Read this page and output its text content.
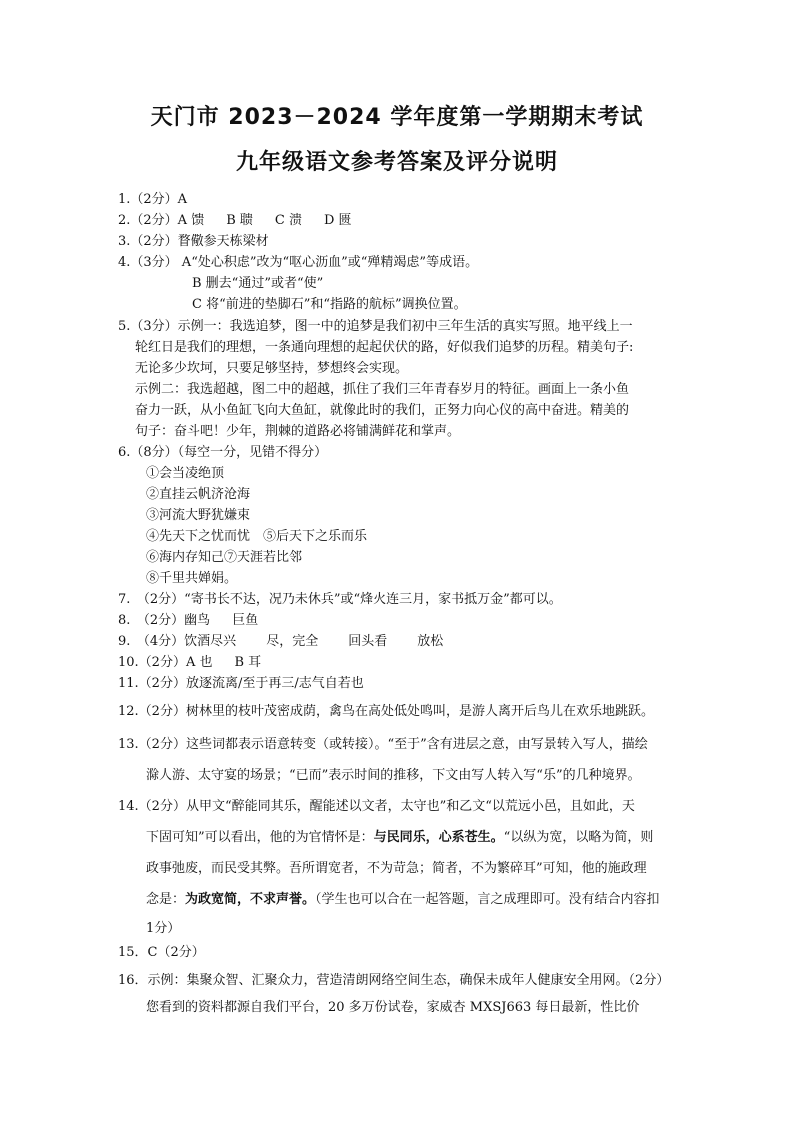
天门市 2023－2024 学年度第一学期期末考试
九年级语文参考答案及评分说明
1.（2分）A
2.（2分）A 馈 B 聩 C 溃 D 匮
3.（2分）瞀儆参天栋梁材
4.（3分） A“处心积虑”改为“呕心沥血”或“殚精竭虑”等成语。
B 删去“通过”或者“使”
C 将“前进的垫脚石”和“指路的航标”调换位置。
5.（3分）示例一：我选追梦，图一中的追梦是我们初中三年生活的真实写照。地平线上一
轮红日是我们的理想，一条通向理想的起起伏伏的路，好似我们追梦的历程。精美句子:
无论多少坎坷，只要足够坚持，梦想终会实现。
示例二：我选超越，图二中的超越，抓住了我们三年青春岁月的特征。画面上一条小鱼
奋力一跃，从小鱼缸飞向大鱼缸，就像此时的我们，正努力向心仪的高中奋进。精美的
句子：奋斗吧！少年，荆棘的道路必将铺满鲜花和掌声。
6.（8分）（每空一分，见错不得分）
①会当凌绝顶
②直挂云帆济沧海
③河流大野犹嫌束
④先天下之忧而忧　⑤后天下之乐而乐
⑥海内存知己⑦天涯若比邻
⑧千里共婵娟。
7.　（2分）“寄书长不达，况乃未休兵”或“烽火连三月，家书抵万金”都可以。
8.　（2分）幽鸟 巨鱼
9.　（4分）饮酒尽兴 尽，完全 回头看 放松
10.（2分）A 也 B 耳
11.（2分）放逐流离/至于再三/志气自若也
12.（2分）树林里的枝叶茂密成荫，禽鸟在高处低处鸣叫，是游人离开后鸟儿在欢乐地跳跃。
13.（2分）这些词都表示语意转变（或转接）。“至于”含有进层之意，由写景转入写人，描绘
滁人游、太守宴的场景；“已而”表示时间的推移，下文由写人转入写“乐”的几种境界。
14.（2分）从甲文“醉能同其乐，醒能述以文者，太守也”和乙文“以荒远小邑，且如此，天
下固可知”可以看出，他的为官情怀是：与民同乐，心系苍生。“以纵为宽，以略为简，则
政事弛废，而民受其弊。吾所谓宽者，不为苛急；简者，不为繁碎耳”可知，他的施政理
念是：为政宽简，不求声誉。（学生也可以合在一起答题，言之成理即可。没有结合内容扣
1分）
15．C（2分）
16．示例：集聚众智、汇聚众力，营造清朗网络空间生态，确保未成年人健康安全用网。（2分）
您看到的资料都源自我们平台，20 多万份试卷，家威杏 MXSJ663 每日最新，性比价
